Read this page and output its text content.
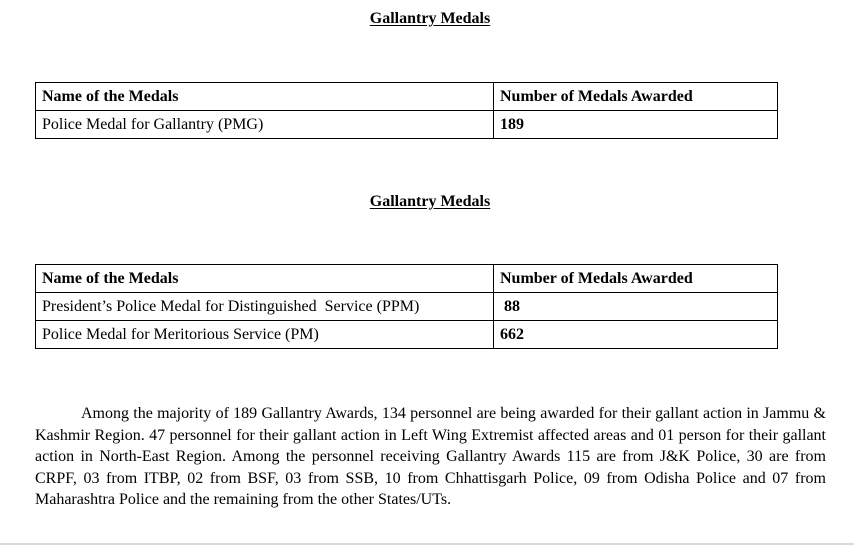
Gallantry Medals
Name of the Medals	Number of Medals Awarded
Police Medal for Gallantry (PMG)	189
Gallantry Medals
Name of the Medals	Number of Medals Awarded
President’s Police Medal for Distinguished  Service (PPM)	88
Police Medal for Meritorious Service (PM)	662

Among the majority of 189 Gallantry Awards, 134 personnel are being awarded for their gallant action in Jammu & Kashmir Region. 47 personnel for their gallant action in Left Wing Extremist affected areas and 01 person for their gallant action in North-East Region. Among the personnel receiving Gallantry Awards 115 are from J&K Police, 30 are from CRPF, 03 from ITBP, 02 from BSF, 03 from SSB, 10 from Chhattisgarh Police, 09 from Odisha Police and 07 from Maharashtra Police and the remaining from the other States/UTs.
